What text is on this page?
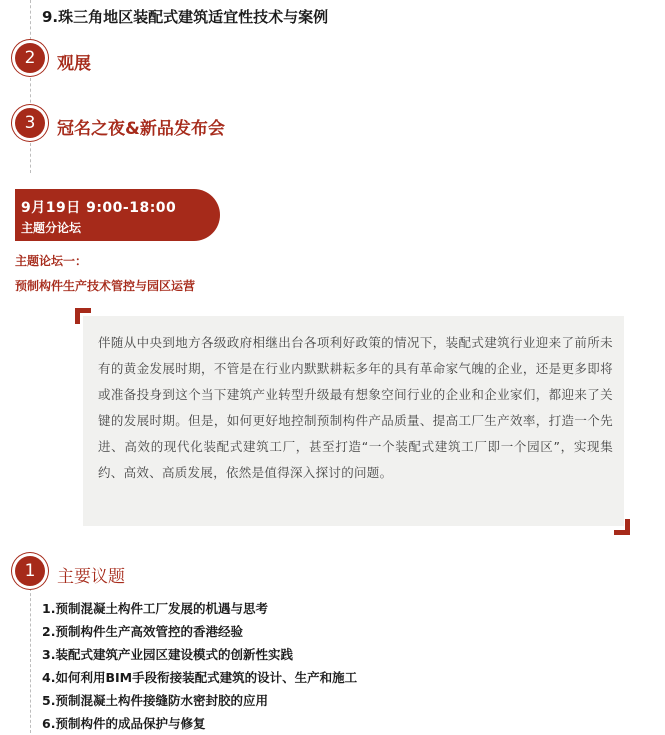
9.珠三角地区装配式建筑适宜性技术与案例
2	观展
3	冠名之夜&新品发布会
9月19日 9:00-18:00
主题分论坛
主题论坛一：
预制构件生产技术管控与园区运营

伴随从中央到地方各级政府相继出台各项利好政策的情况下，装配式建筑行业迎来了前所未有的黄金发展时期，不管是在行业内默默耕耘多年的具有革命家气魄的企业，还是更多即将或准备投身到这个当下建筑产业转型升级最有想象空间行业的企业和企业家们，都迎来了关键的发展时期。但是，如何更好地控制预制构件产品质量、提高工厂生产效率，打造一个先进、高效的现代化装配式建筑工厂，甚至打造“一个装配式建筑工厂即一个园区”，实现集约、高效、高质发展，依然是值得深入探讨的问题。

1	主要议题
1.预制混凝土构件工厂发展的机遇与思考
2.预制构件生产高效管控的香港经验
3.装配式建筑产业园区建设模式的创新性实践
4.如何利用BIM手段衔接装配式建筑的设计、生产和施工
5.预制混凝土构件接缝防水密封胶的应用
6.预制构件的成品保护与修复
